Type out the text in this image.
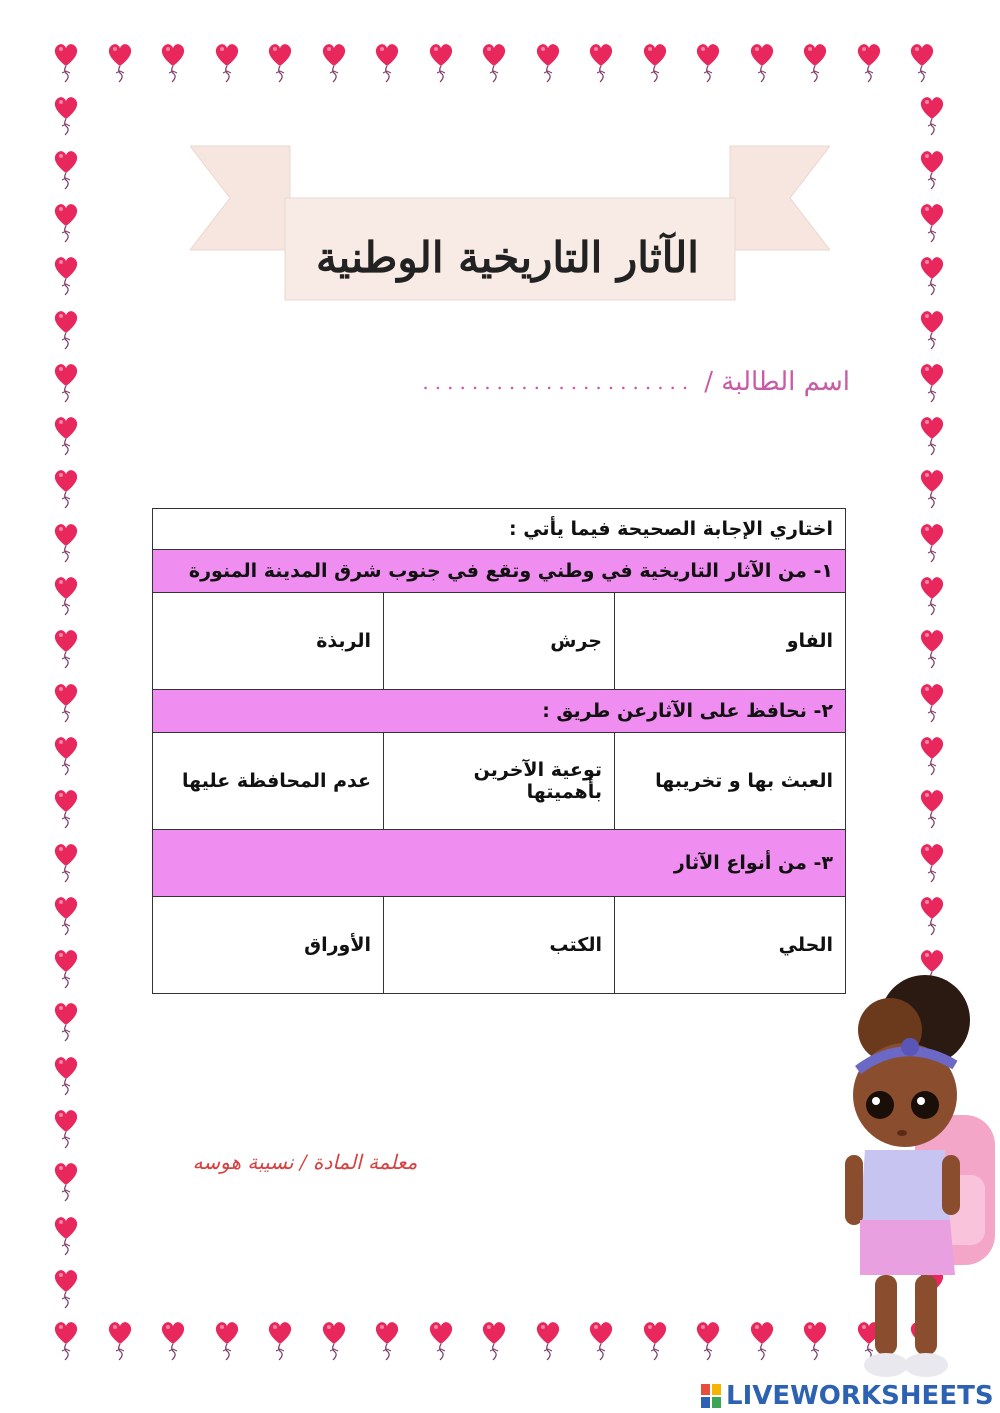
الآثار التاريخية الوطنية
اسم الطالبة /
......................
اختاري الإجابة الصحيحة فيما يأتي :		
١- من الآثار التاريخية في وطني وتقع في جنوب شرق المدينة المنورة		
الفاو	جرش	الربذة
٢- نحافظ على الآثارعن طريق :		
العبث بها و تخريبها	توعية الآخرين بأهميتها	عدم المحافظة عليها
٣- من أنواع الآثار		
الحلي	الكتب	الأوراق
معلمة المادة / نسيبة هوسه
LIVEWORKSHEETS
